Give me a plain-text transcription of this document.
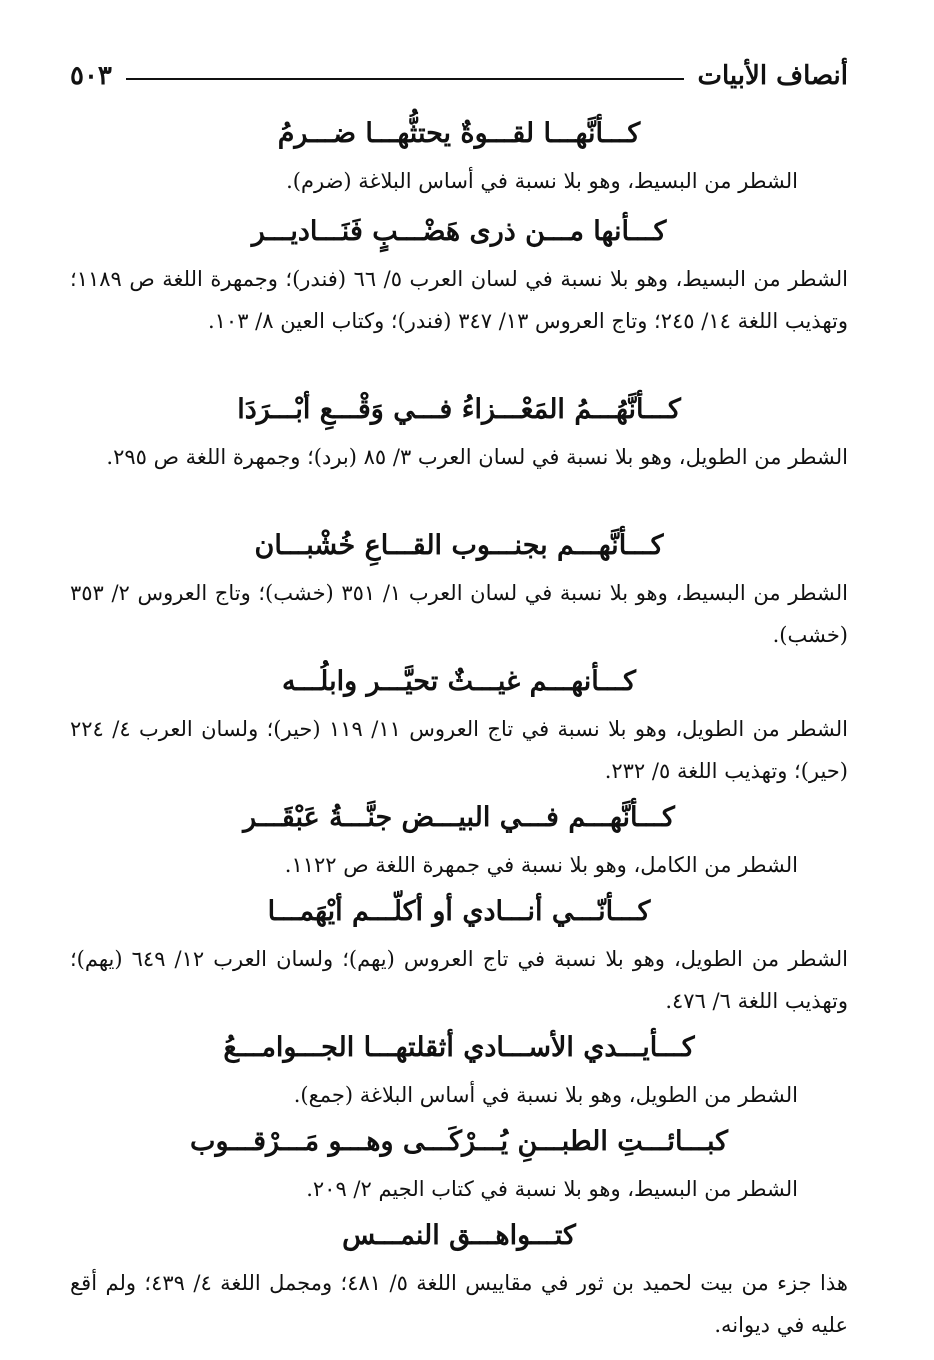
أنصاف الأبيات
٥٠٣
كـــأنَّهـــا لقـــوةٌ يحتثُّهـــا ضـــرمُ

الشطر من البسيط، وهو بلا نسبة في أساس البلاغة (ضرم).

كـــأنها مـــن ذرى هَضْـــبٍ فَنَـــاديـــر

الشطر من البسيط، وهو بلا نسبة في لسان العرب ٥/ ٦٦ (فندر)؛ وجمهرة اللغة ص ١١٨٩؛ وتهذيب اللغة ١٤/ ٢٤٥؛ وتاج العروس ١٣/ ٣٤٧ (فندر)؛ وكتاب العين ٨/ ١٠٣.

كـــأنَّهُـــمُ المَعْـــزاءُ فـــي وَقْـــعِ أبْـــرَدَا

الشطر من الطويل، وهو بلا نسبة في لسان العرب ٣/ ٨٥ (برد)؛ وجمهرة اللغة ص ٢٩٥.

كـــأنَّهـــم بجنـــوب القـــاعِ خُشْبـــان

الشطر من البسيط، وهو بلا نسبة في لسان العرب ١/ ٣٥١ (خشب)؛ وتاج العروس ٢/ ٣٥٣ (خشب).

كـــأنهـــم غيـــثٌ تحيَّـــر وابلُـــه

الشطر من الطويل، وهو بلا نسبة في تاج العروس ١١/ ١١٩ (حير)؛ ولسان العرب ٤/ ٢٢٤ (حير)؛ وتهذيب اللغة ٥/ ٢٣٢.

كـــأنَّهـــم فـــي البيـــض جنَّـــةُ عَبْقَـــر

الشطر من الكامل، وهو بلا نسبة في جمهرة اللغة ص ١١٢٢.

كـــأنّـــي أنـــادي أو أكلّـــم أيْهَمـــا

الشطر من الطويل، وهو بلا نسبة في تاج العروس (يهم)؛ ولسان العرب ١٢/ ٦٤٩ (يهم)؛ وتهذيب اللغة ٦/ ٤٧٦.

كـــأيـــدي الأســـادي أثقلتهـــا الجـــوامـــعُ

الشطر من الطويل، وهو بلا نسبة في أساس البلاغة (جمع).

كبـــائـــتِ الطبـــنِ يُـــرْكَـــى وهـــو مَـــرْقـــوب

الشطر من البسيط، وهو بلا نسبة في كتاب الجيم ٢/ ٢٠٩.

كتـــواهـــق النمـــس

هذا جزء من بيت لحميد بن ثور في مقاييس اللغة ٥/ ٤٨١؛ ومجمل اللغة ٤/ ٤٣٩؛ ولم أقع عليه في ديوانه.
